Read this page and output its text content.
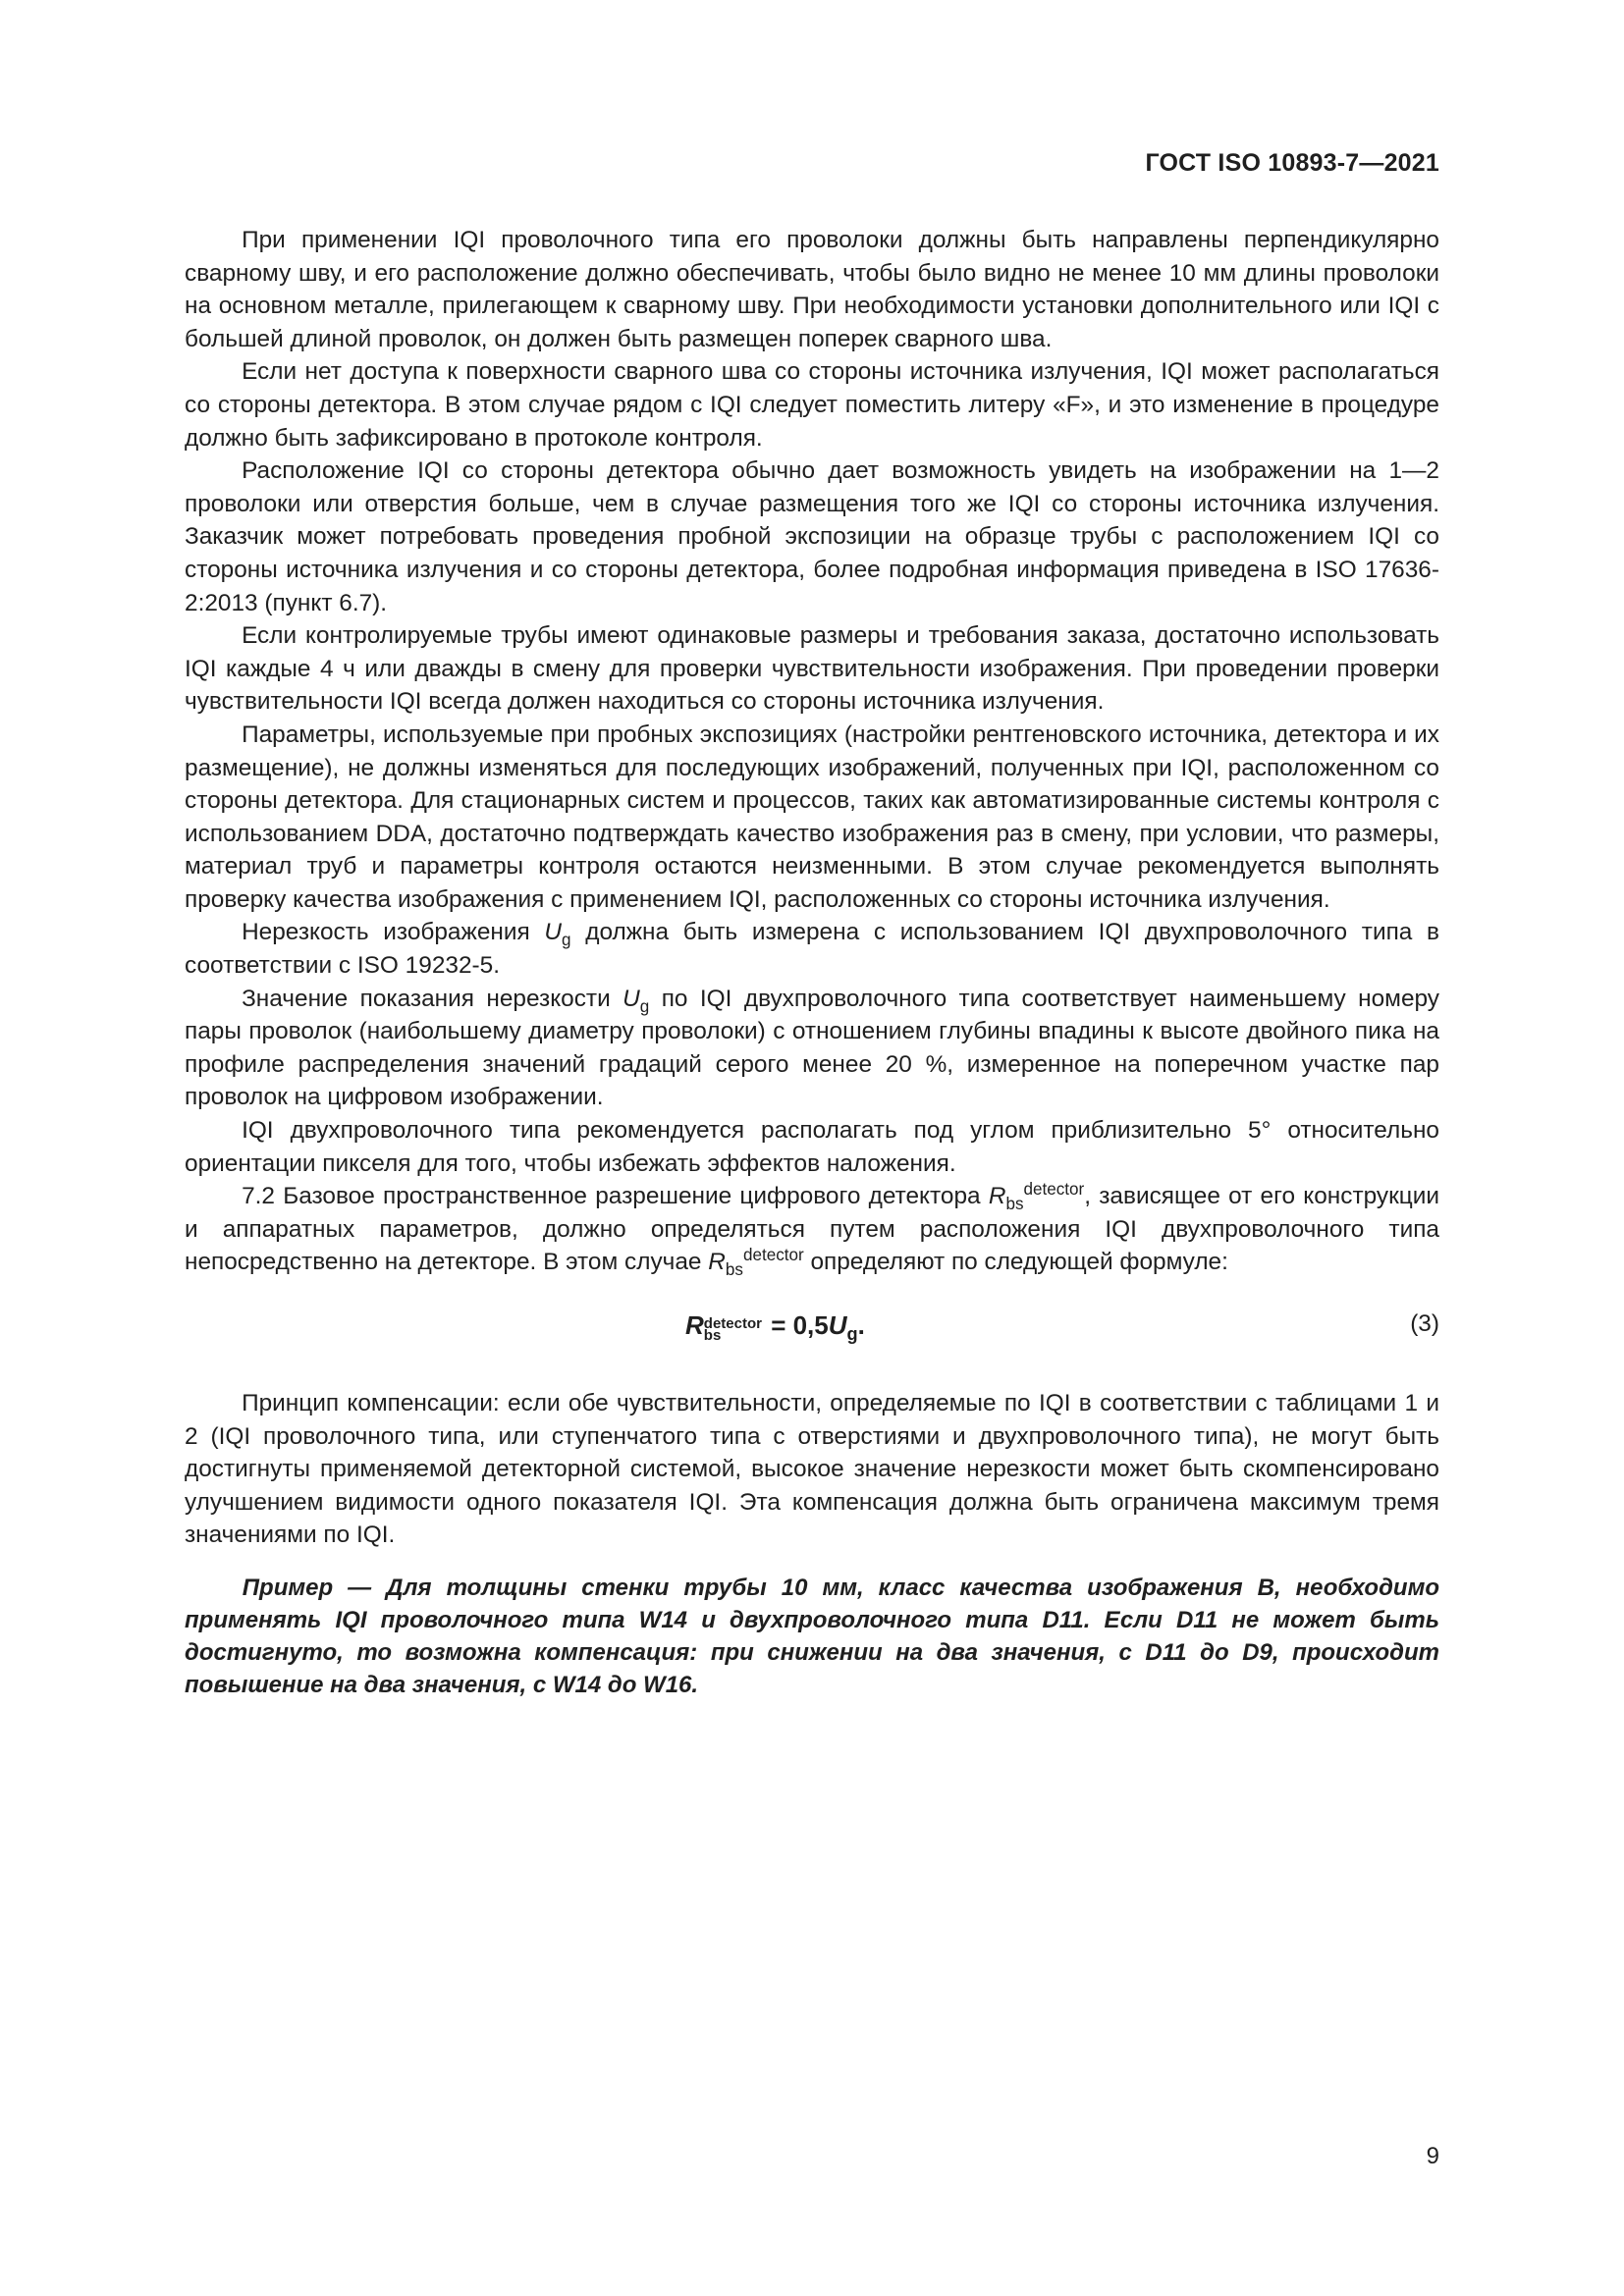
ГОСТ ISO 10893-7—2021

При применении IQI проволочного типа его проволоки должны быть направлены перпендикулярно сварному шву, и его расположение должно обеспечивать, чтобы было видно не менее 10 мм длины проволоки на основном металле, прилегающем к сварному шву. При необходимости установки дополнительного или IQI с большей длиной проволок, он должен быть размещен поперек сварного шва.

Если нет доступа к поверхности сварного шва со стороны источника излучения, IQI может располагаться со стороны детектора. В этом случае рядом с IQI следует поместить литеру «F», и это изменение в процедуре должно быть зафиксировано в протоколе контроля.

Расположение IQI со стороны детектора обычно дает возможность увидеть на изображении на 1—2 проволоки или отверстия больше, чем в случае размещения того же IQI со стороны источника излучения. Заказчик может потребовать проведения пробной экспозиции на образце трубы с расположением IQI со стороны источника излучения и со стороны детектора, более подробная информация приведена в ISO 17636-2:2013 (пункт 6.7).

Если контролируемые трубы имеют одинаковые размеры и требования заказа, достаточно использовать IQI каждые 4 ч или дважды в смену для проверки чувствительности изображения. При проведении проверки чувствительности IQI всегда должен находиться со стороны источника излучения.

Параметры, используемые при пробных экспозициях (настройки рентгеновского источника, детектора и их размещение), не должны изменяться для последующих изображений, полученных при IQI, расположенном со стороны детектора. Для стационарных систем и процессов, таких как автоматизированные системы контроля с использованием DDA, достаточно подтверждать качество изображения раз в смену, при условии, что размеры, материал труб и параметры контроля остаются неизменными. В этом случае рекомендуется выполнять проверку качества изображения с применением IQI, расположенных со стороны источника излучения.

Нерезкость изображения $U_g$ должна быть измерена с использованием IQI двухпроволочного типа в соответствии с ISO 19232-5.

Значение показания нерезкости $U_g$ по IQI двухпроволочного типа соответствует наименьшему номеру пары проволок (наибольшему диаметру проволоки) с отношением глубины впадины к высоте двойного пика на профиле распределения значений градаций серого менее 20 %, измеренное на поперечном участке пар проволок на цифровом изображении.

IQI двухпроволочного типа рекомендуется располагать под углом приблизительно 5° относительно ориентации пикселя для того, чтобы избежать эффектов наложения.

7.2 Базовое пространственное разрешение цифрового детектора $R_{bs}^{detector}$, зависящее от его конструкции и аппаратных параметров, должно определяться путем расположения IQI двухпроволочного типа непосредственно на детекторе. В этом случае $R_{bs}^{detector}$ определяют по следующей формуле:

R detector
bs	= $0,5U_g$.	(3)

Принцип компенсации: если обе чувствительности, определяемые по IQI в соответствии с таблицами 1 и 2 (IQI проволочного типа, или ступенчатого типа с отверстиями и двухпроволочного типа), не могут быть достигнуты применяемой детекторной системой, высокое значение нерезкости может быть скомпенсировано улучшением видимости одного показателя IQI. Эта компенсация должна быть ограничена максимум тремя значениями по IQI.

Пример — Для толщины стенки трубы 10 мм, класс качества изображения В, необходимо применять IQI проволочного типа W14 и двухпроволочного типа D11. Если D11 не может быть достигнуто, то возможна компенсация: при снижении на два значения, с D11 до D9, происходит повышение на два значения, с W14 до W16.
9
